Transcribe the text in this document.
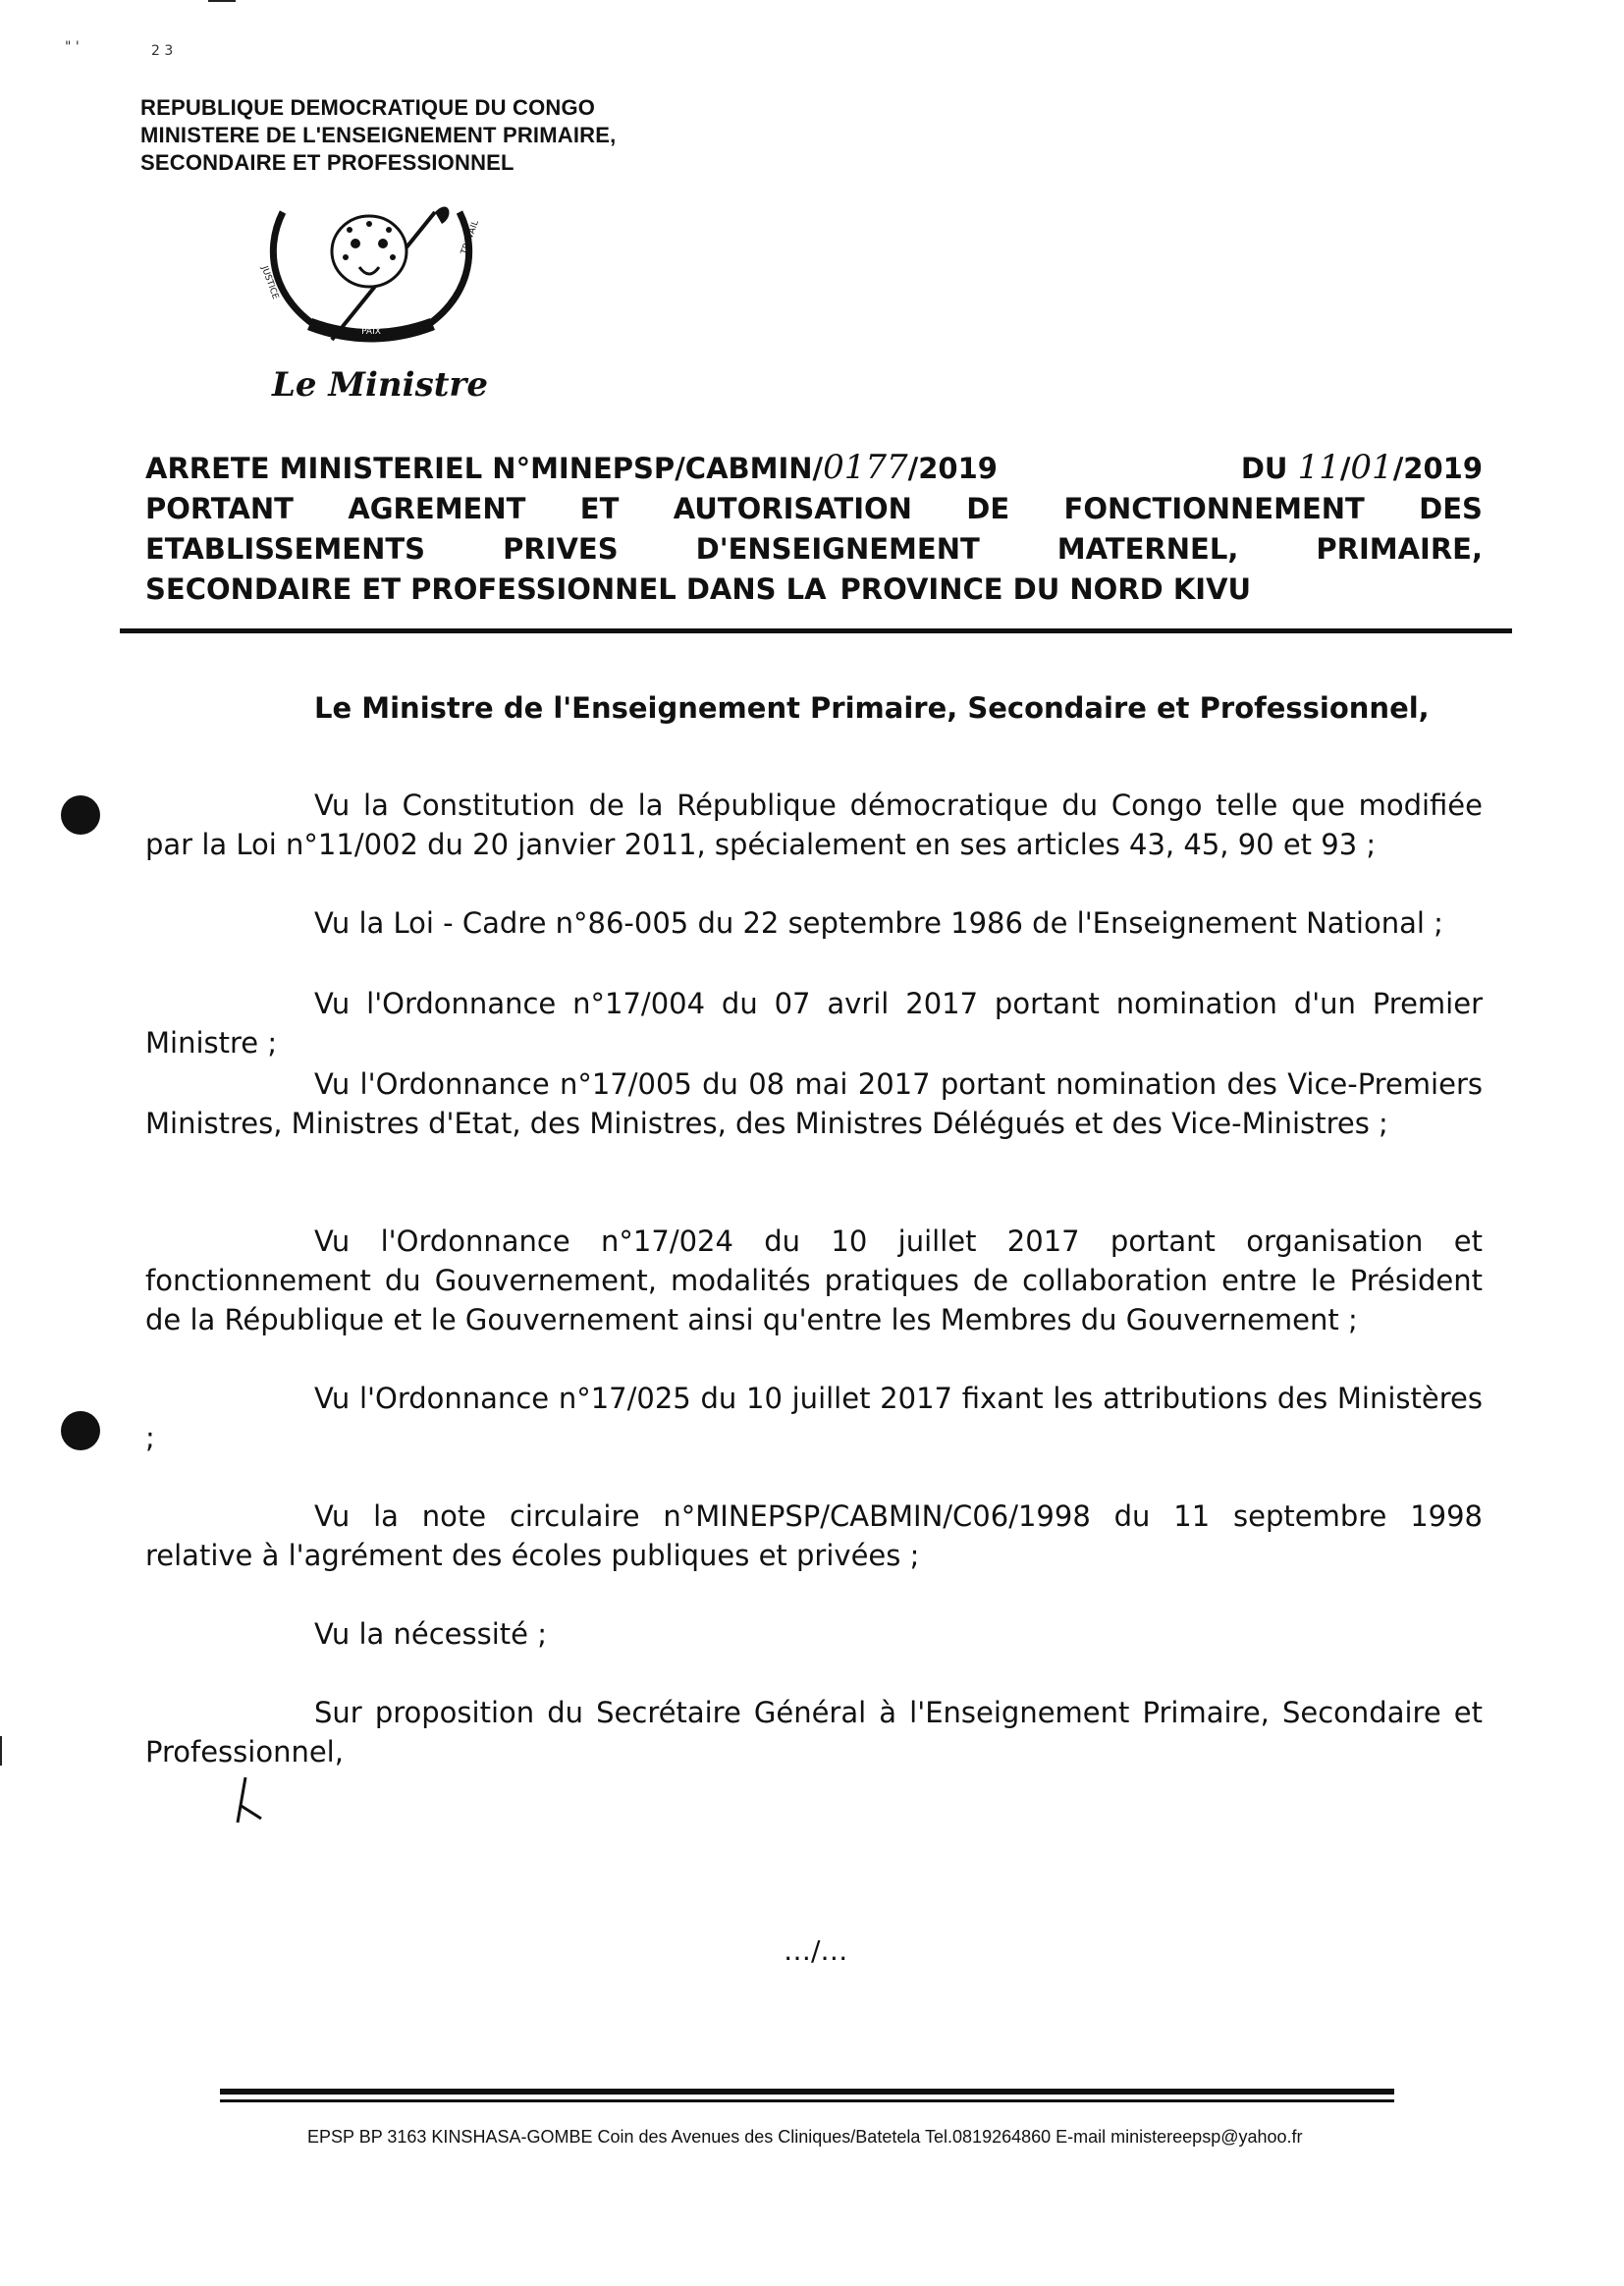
" '	2 3
REPUBLIQUE DEMOCRATIQUE DU CONGO
MINISTERE DE L'ENSEIGNEMENT PRIMAIRE,
SECONDAIRE ET PROFESSIONNEL
PAIX
JUSTICE
TRAVAIL
Le Ministre
ARRETE MINISTERIEL N°MINEPSP/CABMIN/0177/2019	DU 11/01/2019
PORTANT AGREMENT ET AUTORISATION DE FONCTIONNEMENT DES
ETABLISSEMENTS	PRIVES	D'ENSEIGNEMENT	MATERNEL,	PRIMAIRE,
SECONDAIRE ET PROFESSIONNEL DANS LA PROVINCE DU NORD KIVU
Le Ministre de l'Enseignement Primaire, Secondaire et Professionnel,
Vu la Constitution de la République démocratique du Congo telle que modifiée par la Loi n°11/002 du 20 janvier 2011, spécialement en ses articles 43, 45, 90 et 93 ;
Vu la Loi - Cadre n°86-005 du 22 septembre 1986 de l'Enseignement National ;
Vu l'Ordonnance n°17/004 du 07 avril 2017 portant nomination d'un Premier Ministre ;
Vu l'Ordonnance n°17/005 du 08 mai 2017 portant nomination des Vice-Premiers Ministres, Ministres d'Etat, des Ministres, des Ministres Délégués et des Vice-Ministres ;
Vu l'Ordonnance n°17/024 du 10 juillet 2017 portant organisation et fonctionnement du Gouvernement, modalités pratiques de collaboration entre le Président de la République et le Gouvernement ainsi qu'entre les Membres du Gouvernement ;
Vu l'Ordonnance n°17/025 du 10 juillet 2017 fixant les attributions des Ministères ;
Vu la note circulaire n°MINEPSP/CABMIN/C06/1998 du 11 septembre 1998 relative à l'agrément des écoles publiques et privées ;
Vu la nécessité ;
Sur proposition du Secrétaire Général à l'Enseignement Primaire, Secondaire et Professionnel,
…/…
EPSP BP 3163 KINSHASA-GOMBE Coin des Avenues des Cliniques/Batetela Tel.0819264860 E-mail ministereepsp@yahoo.fr
